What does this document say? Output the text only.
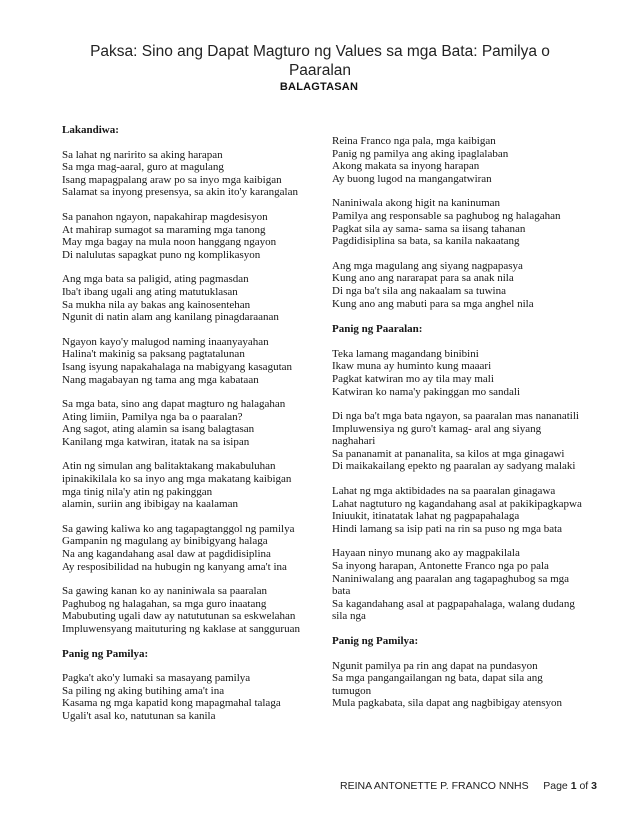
Paksa: Sino ang Dapat Magturo ng Values sa mga Bata: Pamilya o Paaralan
BALAGTASAN

Lakandiwa:

Sa lahat ng naririto sa aking harapan
Sa mga mag-aaral, guro at magulang
Isang mapagpalang araw po sa inyo mga kaibigan
Salamat sa inyong presensya, sa akin ito'y karangalan
Sa panahon ngayon, napakahirap magdesisyon
At mahirap sumagot sa maraming mga tanong
May mga bagay na mula noon hanggang ngayon
Di nalulutas sapagkat puno ng komplikasyon
Ang mga bata sa paligid, ating pagmasdan
Iba't ibang ugali ang ating matutuklasan
Sa mukha nila ay bakas ang kainosentehan
Ngunit di natin alam ang kanilang pinagdaraanan
Ngayon kayo'y malugod naming inaanyayahan
Halina't makinig sa paksang pagtatalunan
Isang isyung napakahalaga na mabigyang kasagutan
Nang magabayan ng tama ang mga kabataan
Sa mga bata, sino ang dapat magturo ng halagahan
Ating limiin, Pamilya nga ba o paaralan?
Ang sagot, ating alamin sa isang balagtasan
Kanilang mga katwiran, itatak na sa isipan
Atin ng simulan ang balitaktakang makabuluhan
ipinakikilala ko sa inyo ang mga makatang kaibigan
mga tinig nila'y atin ng pakinggan
alamin, suriin ang ibibigay na kaalaman
Sa gawing kaliwa ko ang tagapagtanggol ng pamilya
Gampanin ng magulang ay binibigyang halaga
Na ang kagandahang asal daw at pagdidisiplina
Ay resposibilidad na hubugin ng kanyang ama't ina
Sa gawing kanan ko ay naniniwala sa paaralan
Paghubog ng halagahan, sa mga guro inaatang
Mabubuting ugali daw ay natututunan sa eskwelahan
Impluwensyang maituturing ng kaklase at sangguruan

Panig ng Pamilya:

Pagka't ako'y lumaki sa masayang pamilya
Sa piling ng aking butihing ama't ina
Kasama ng mga kapatid kong mapagmahal talaga
Ugali't asal ko, natutunan sa kanila
Reina Franco nga pala, mga kaibigan
Panig ng pamilya ang aking ipaglalaban
Akong makata sa inyong harapan
Ay buong lugod na mangangatwiran
Naniniwala akong higit na kaninuman
Pamilya ang responsable sa paghubog ng halagahan
Pagkat sila ay sama- sama sa iisang tahanan
Pagdidisiplina sa bata, sa kanila nakaatang
Ang mga magulang ang siyang nagpapasya
Kung ano ang nararapat para sa anak nila
Di nga ba't sila ang nakaalam sa tuwina
Kung ano ang mabuti para sa mga anghel nila

Panig ng Paaralan:

Teka lamang magandang binibini
Ikaw muna ay huminto kung maaari
Pagkat katwiran mo ay tila may mali
Katwiran ko nama'y pakinggan mo sandali
Di nga ba't mga bata ngayon, sa paaralan mas nananatili
Impluwensiya ng guro't kamag- aral ang siyang
naghahari
Sa pananamit at pananalita, sa kilos at mga ginagawi
Di maikakailang epekto ng paaralan ay sadyang malaki
Lahat ng mga aktibidades na sa paaralan ginagawa
Lahat nagtuturo ng kagandahang asal at pakikipagkapwa
Iniuukit, itinatatak lahat ng pagpapahalaga
Hindi lamang sa isip pati na rin sa puso ng mga bata
Hayaan ninyo munang ako ay magpakilala
Sa inyong harapan, Antonette Franco nga po pala
Naniniwalang ang paaralan ang tagapaghubog sa mga
bata
Sa kagandahang asal at pagpapahalaga, walang dudang
sila nga

Panig ng Pamilya:

Ngunit pamilya pa rin ang dapat na pundasyon
Sa mga pangangailangan ng bata, dapat sila ang
tumugon
Mula pagkabata, sila dapat ang nagbibigay atensyon
REINA ANTONETTE P. FRANCO NNHS Page 1 of 3
